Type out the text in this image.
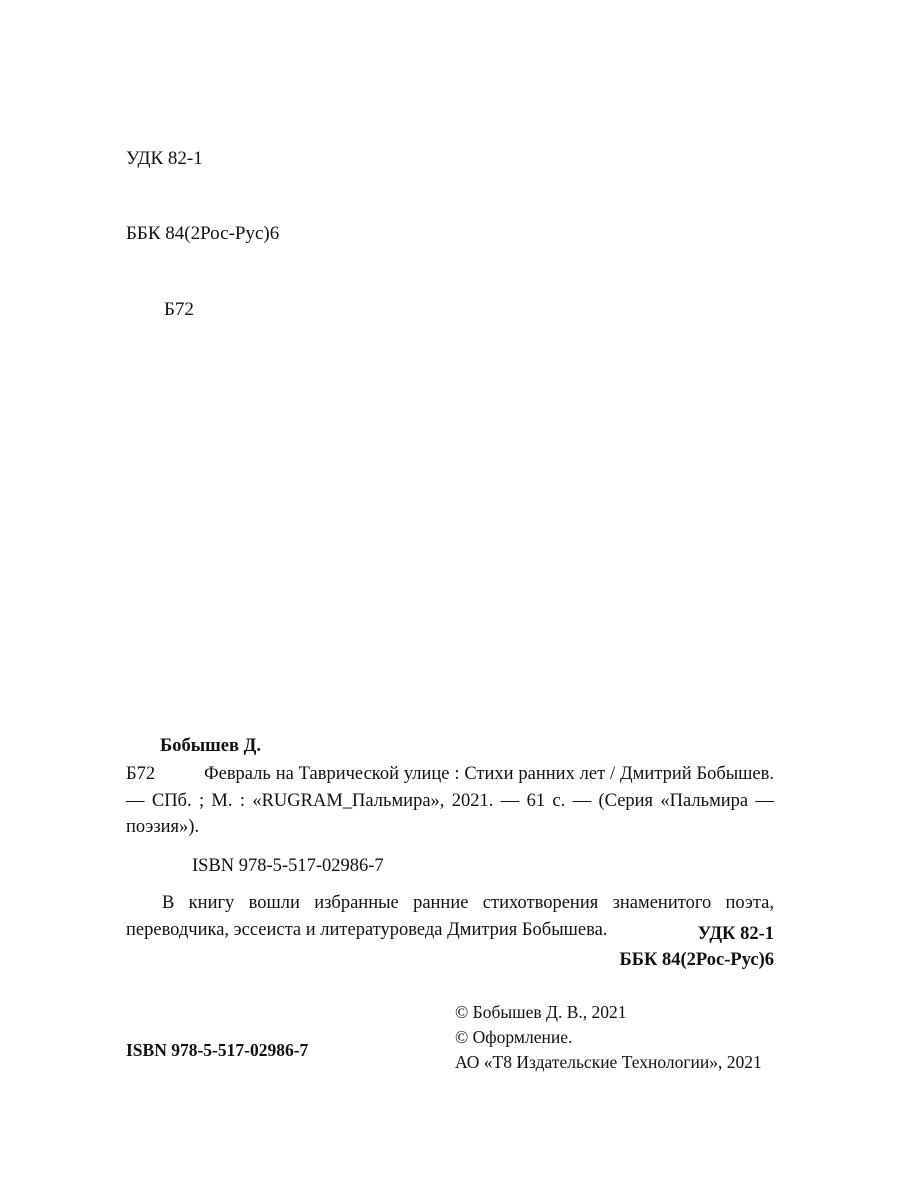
УДК 82-1

ББК 84(2Рос-Рус)6

Б72

Бобышев Д.
Б72	Февраль на Таврической улице : Стихи ранних лет / Дмитрий Бобышев. — СПб. ; М. : «RUGRAM_Пальмира», 2021. — 61 с. — (Серия «Пальмира — поэзия»).
ISBN 978-5-517-02986-7
В книгу вошли избранные ранние стихотворения знаменитого поэта, переводчика, эссеиста и литературоведа Дмитрия Бобышева.	УДК 82-1
ББК 84(2Рос-Рус)6
© Бобышев Д. В., 2021
© Оформление.
АО «Т8 Издательские Технологии», 2021
ISBN 978-5-517-02986-7
